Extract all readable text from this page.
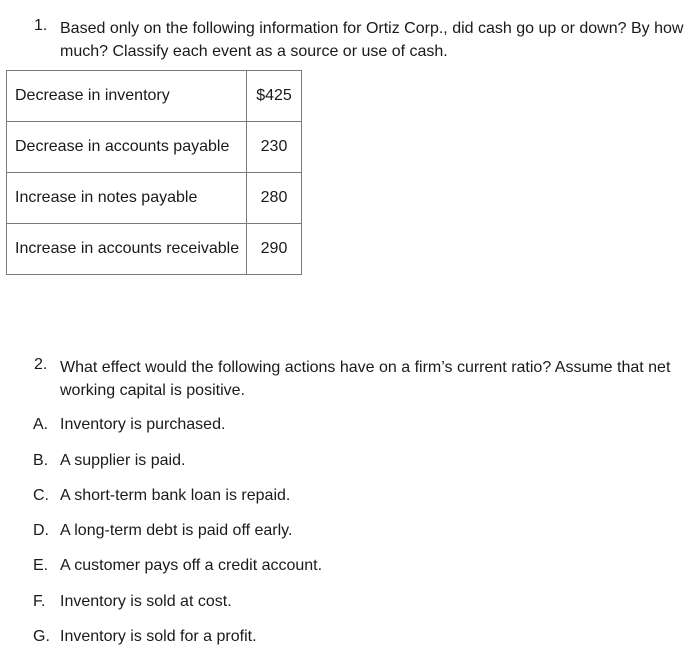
1. Based only on the following information for Ortiz Corp., did cash go up or down? By how much? Classify each event as a source or use of cash.
Decrease in inventory	$425
Decrease in accounts payable	230
Increase in notes payable	280
Increase in accounts receivable	290
2. What effect would the following actions have on a firm’s current ratio? Assume that net working capital is positive.
A. Inventory is purchased.
B. A supplier is paid.
C. A short-term bank loan is repaid.
D. A long-term debt is paid off early.
E. A customer pays off a credit account.
F. Inventory is sold at cost.
G. Inventory is sold for a profit.
